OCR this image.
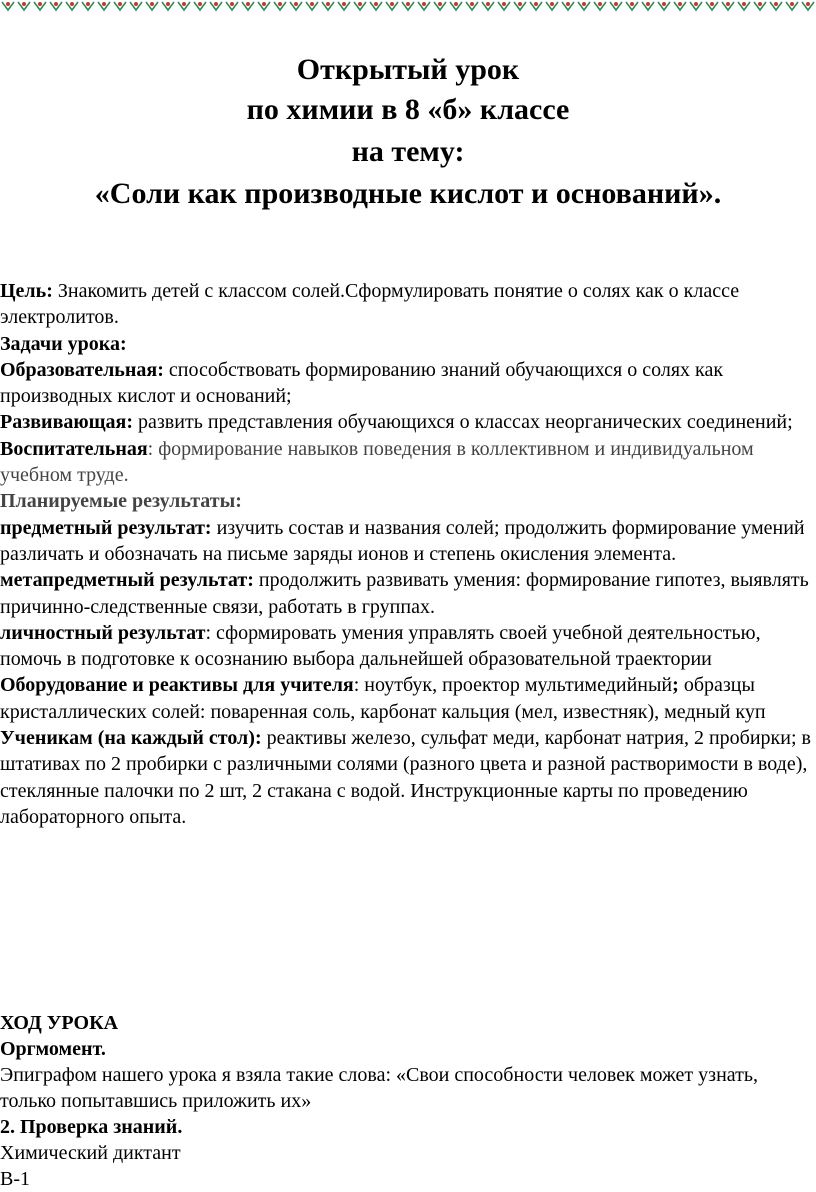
Открытый урок
по химии в 8 «б» классе
на тему:
«Соли как производные кислот и оснований».

Цель: Знакомить детей с классом солей.Сформулировать понятие о солях как о классе электролитов.

Задачи урока:

Образовательная: способствовать формированию знаний обучающихся о солях как производных кислот и оснований;

Развивающая: развить представления обучающихся о классах неорганических соединений;

Воспитательная: формирование навыков поведения в коллективном и индивидуальном учебном труде.

Планируемые результаты:

предметный результат: изучить состав и названия солей; продолжить формирование умений различать и обозначать на письме заряды ионов и степень окисления элемента.

метапредметный результат: продолжить развивать умения: формирование гипотез, выявлять причинно-следственные связи, работать в группах.

личностный результат: сформировать умения управлять своей учебной деятельностью, помочь в подготовке к осознанию выбора дальнейшей образовательной траектории

Оборудование и реактивы для учителя: ноутбук, проектор мультимедийный; образцы кристаллических солей: поваренная соль, карбонат кальция (мел, известняк), медный куп

Ученикам (на каждый стол): реактивы железо, сульфат меди, карбонат натрия, 2 пробирки; в штативах по 2 пробирки с различными солями (разного цвета и разной растворимости в воде), стеклянные палочки по 2 шт, 2 стакана с водой. Инструкционные карты по проведению лабораторного опыта.

ХОД УРОКА

Оргмомент.

Эпиграфом нашего урока я взяла такие слова: «Свои способности человек может узнать, только попытавшись приложить их»

2. Проверка знаний.

Химический диктант

В-1
